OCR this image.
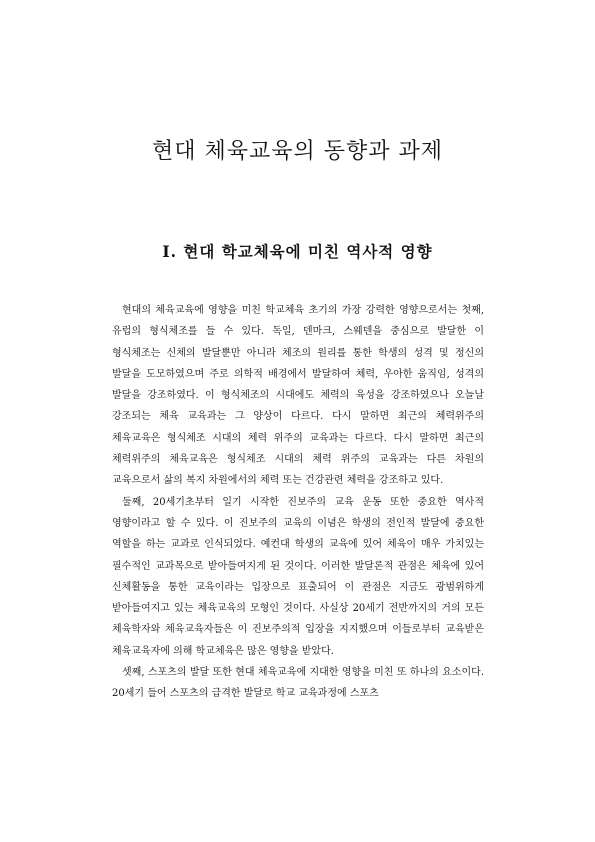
현대 체육교육의 동향과 과제
Ⅰ. 현대 학교체육에 미친 역사적 영향

현대의 체육교육에 영향을 미친 학교체육 초기의 가장 강력한 영향으로서는 첫째, 유럽의 형식체조를 들 수 있다. 독일, 덴마크, 스웨덴을 중심으로 발달한 이 형식체조는 신체의 발달뿐만 아니라 체조의 원리를 통한 학생의 성격 및 정신의 발달을 도모하였으며 주로 의학적 배경에서 발달하여 체력, 우아한 움직임, 성격의 발달을 강조하였다. 이 형식체조의 시대에도 체력의 육성을 강조하였으나 오늘날 강조되는 체육 교육과는 그 양상이 다르다. 다시 말하면 최근의 체력위주의 체육교육은 형식체조 시대의 체력 위주의 교육과는 다르다. 다시 말하면 최근의 체력위주의 체육교육은 형식체조 시대의 체력 위주의 교육과는 다른 차원의 교육으로서 삶의 복지 차원에서의 체력 또는 건강관련 체력을 강조하고 있다.

둘째, 20세기초부터 일기 시작한 진보주의 교육 운동 또한 중요한 역사적 영향이라고 할 수 있다. 이 진보주의 교육의 이념은 학생의 전인적 발달에 중요한 역할을 하는 교과로 인식되었다. 예컨대 학생의 교육에 있어 체육이 매우 가치있는 필수적인 교과목으로 받아들여지게 된 것이다. 이러한 발달론적 관점은 체육에 있어 신체활동을 통한 교육이라는 입장으로 표출되어 이 관점은 지금도 광범위하게 받아들여지고 있는 체육교육의 모형인 것이다. 사실상 20세기 전반까지의 거의 모든 체육학자와 체육교육자들은 이 진보주의적 입장을 지지했으며 이들로부터 교육받은 체육교육자에 의해 학교체육은 많은 영향을 받았다.

셋째, 스포츠의 발달 또한 현대 체육교육에 지대한 영향을 미친 또 하나의 요소이다. 20세기 들어 스포츠의 급격한 발달로 학교 교육과정에 스포츠
